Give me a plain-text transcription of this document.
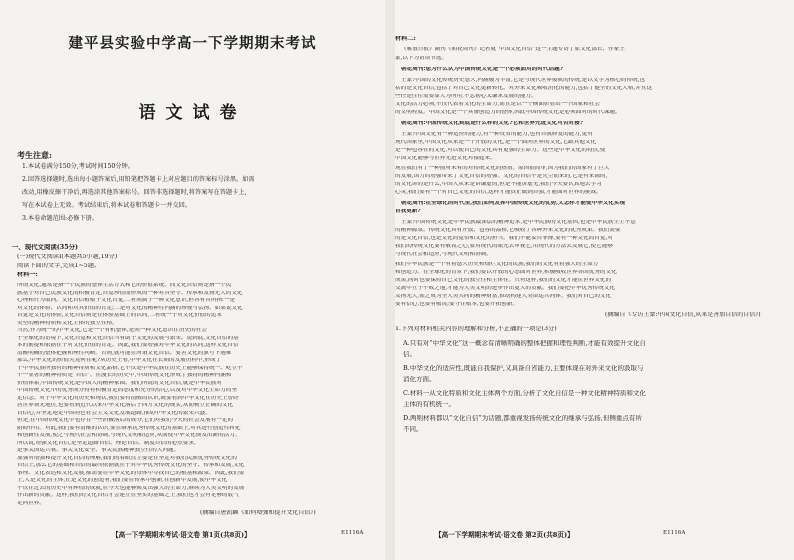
建平县实验中学高一下学期期末考试
语文试卷
考生注意:
1.本试卷满分150分,考试时间150分钟。
2.回答选择题时,选出每小题答案后,用铅笔把答题卡上对应题目的答案标号涂黑。如需
改动,用橡皮擦干净后,再选涂其他答案标号。回答非选择题时,将答案写在答题卡上,
写在本试卷上无效。考试结束后,将本试卷和答题卡一并交回。
3.本卷命题范围:必修下册。
一、现代文阅读(35分)
(一)现代文阅读Ⅰ(本题共5小题,19分)
阅读下面的文字,完成1~5题。
材料一:
所谓文化,通常是指一个民族的整体生活方式和它的价值系统。而文化自信则是指一个民
族基于对自己民族文化的积极肯定,自觉珍惜而形成的一种对其坚守、传承和发扬光大的文化
心理和行为取向。文化自信植根于文化自觉,二者同属于一种文化意识,但各有其所指:一是
对文化的体验、认同和对其价值的肯定;二是对文化的精神性内涵的珍视与弘扬。如果说文化
自觉是文化的体验,文化自信则是在体验基础上的认同,二者统一于对文化价值的追求
类型的精神特质和文化主体的独立性格。
当然,作为统一的中华文化,它是一个有机整体,是同一种文化意识在历史的社会
于全球化的语境下,文化自觉和文化自信当有助于文化的发展与繁荣。说到底,文化自信的基
本的前提和依据在于对文化价值的肯定。因此,我们要增强对中华文化的认同,这样文化自信
清醒明确的整体把握和理性判断。否则,就可能在所谓文化自信、要害文化的旗号下遇难
那么,中华文化的价值究竟何在呢?从历史上看,中华文化在长期的发展历程中,形成了
于中华民族所独有的精神特质和文化品格,它不仅是中华民族在历史上能够保持统一、屹立不
个一显著的精神特质是“自信”。在漫长的历史中,中国传统文化形成了独特的精神内涵和
价值体系,中国传统文化是中国人的精神家园。我们所说的文化自信,就是中华民族对
中国传统文化中的优秀成分持有积极肯定的态度和充分的信心,以及对中华文化生命力的坚
定信念。对于中华文化的历史和现状,我们要有清醒的认识,既要看到中华文化在历史上曾经
居世界领先地位,也要看到近代以来中华文化落后于西方文化的现实,从而树立正确的文化
自信心,并坚定地走中国特色社会主义文化发展道路,推动中华文化的繁荣兴盛。
但是,在中国传统文化中也存在一些消极落后的成分,它们对我们今天的社会发展有一定的
阻碍作用。对此,我们要有清醒的认识,要在继承优秀传统文化的基础上,对其进行创造性转化
和创新性发展,使之与现代社会相协调,与现代文明相适应,从而使中华文化焕发出新的活力。
所以说,增强文化自信,是坚定道路自信、理论自信、制度自信的必然要求,
是事关国运兴衰、事关文化安全、事关民族精神独立性的大问题。
加强对增强和提升文化自信的理解,我们的着眼点主要是在坚定对我们民族优秀传统文化的
自信上,那么它的基础和自信的最终依据就在于对中华优秀传统文化的坚守、传承和发展,文化
事理、文化表达和文化发展,都需要在中华文化的母体中寻找自己的根基和源泉。因此,我们要
上,人是文化的主体,正是文化的创造者,我们要在传承中创新,在创新中发展,使中华文化
不仅在过去的历史中有辉煌的成就,在今天也能够焕发出强大的生命力,继续为人类文明的发展
作出新的贡献。这样,我们的文化自信才会建立在坚实的基础之上,我们也才会有足够的底气
走向世界。
(摘编自唐凯麟《如何增强和提升文化自信》)
【高一下学期期末考试·语文卷 第1页(共8页)】	E1116A
材料二:
《解放日报》副刊《朝花周刊》记者就“中国文化自信”这一主题专访了原文化部长、作家王
蒙,以下为访谈节选。
朝花周刊:您为什么认为中国传统文化是一个必须面对的时代话题?
王蒙:中国的文化传统历史悠久,内涵极为丰富,它是与现代世界接轨的传统,是以文学为核心的传统,包
括的是文化自信,包括了对自己文化更新转化、对外来文化吸收消化的能力,包括了健全的文化人格,并且这
些任是往往需要靠人为所用,不忘初心又谦求发展的能力。
文化的活力必须,不仅代表着文化的生命力,而且是以一个侧面彰显出一个国家和社会
的文明程度。中国文化是一个具备创造力的整体,因此中国传统文化是必须面对的时代课题。
朝花周刊:中国传统文化到底是什么样的文化?它和世界先进文化可否对接?
王蒙:中国文化有一种适应的能力,有一种反省的能力,也有自我修复的能力,更有
现代国家里,中国文化从来是一个开放的文化,是一个面向世界的文化,它跟其他文化
是一种包容性的文化,可以使自己的文化具有更强的生命力。这些是中华文化的特点,使
中国文化能够与世界先进文化对接起来。
现在我们有了一种前所未有的对传统文化的热情。原因很简单,因为我们的国家有了巨大
的发展,国力的增强带来了文化自信的增强。文化的自信不是凭空而来的,它是有来源的,
的文化讲的是什么,中国人从来是讲谦虚的,但是不能讲虚无,我们今天要认真地去学习
心灵,我们要有一个对自己文化的自信,这样才能真正做到自强,才能面对世界的挑战。
朝花周刊:在全球化的时代里,我们如何发挥中国传统文化的优势,又怎样才能使中华文化实现
自我更新?
王蒙:中国传统文化是中华民族最深层的精神追求,是中华民族的文化基因,也是中华民族生生不息
的精神源泉。传统文化具有开放、包容的品格,它吸收了各种外来文化的优秀成果。我们需要
的是文化自信,也是文化的觉悟和文化的担当。我们不能妄自菲薄,要有一种文化的自觉,对
我们的传统文化要有敬畏之心,要用现代的眼光去审视它,用现代的方法去发展它,使它能够
与现代社会相适应,与现代文明相协调。
我们中华民族是一个有着悠久历史和灿烂文化的民族,我们的文化有着强大的生命力
和创造力。在全球化的背景下,我们要以开放的心态面对世界,积极吸收世界各国优秀的文化
成果,同时也要保持自己文化的独立性和主体性。只有这样,我们的文化才能在世界文化的
交流中立于不败之地,才能为人类文明的进步作出更大的贡献。我们要把中华优秀传统文化
发扬光大,使之成为全人类共同的精神财富,推动构建人类命运共同体。我们对自己的文化
要有信心,也要有敬畏;要守住根本,也要开拓创新。
(摘编自《专访王蒙:中国文化自信,从来是善加自信的自信》)
1.下列对材料相关内容的理解和分析,不正确的一项是(3分)
A.只有对“中华文化”这一概念有清晰明确的整体把握和理性判断,才能有效提升文化自
信。
B.中华文化的适应性,既能自我保护,又具备自省能力,主要体现在对外来文化的汲取与
消化方面。
C.材料一从文化特质和文化主体两个方面,分析了文化自信是一种文化精神特质和文化
主体的有机统一。
D.两则材料都以“文化自信”为话题,都重视发扬传统文化的继承与弘扬,但侧重点有所
不同。
【高一下学期期末考试·语文卷 第2页(共8页)】	E1116A
